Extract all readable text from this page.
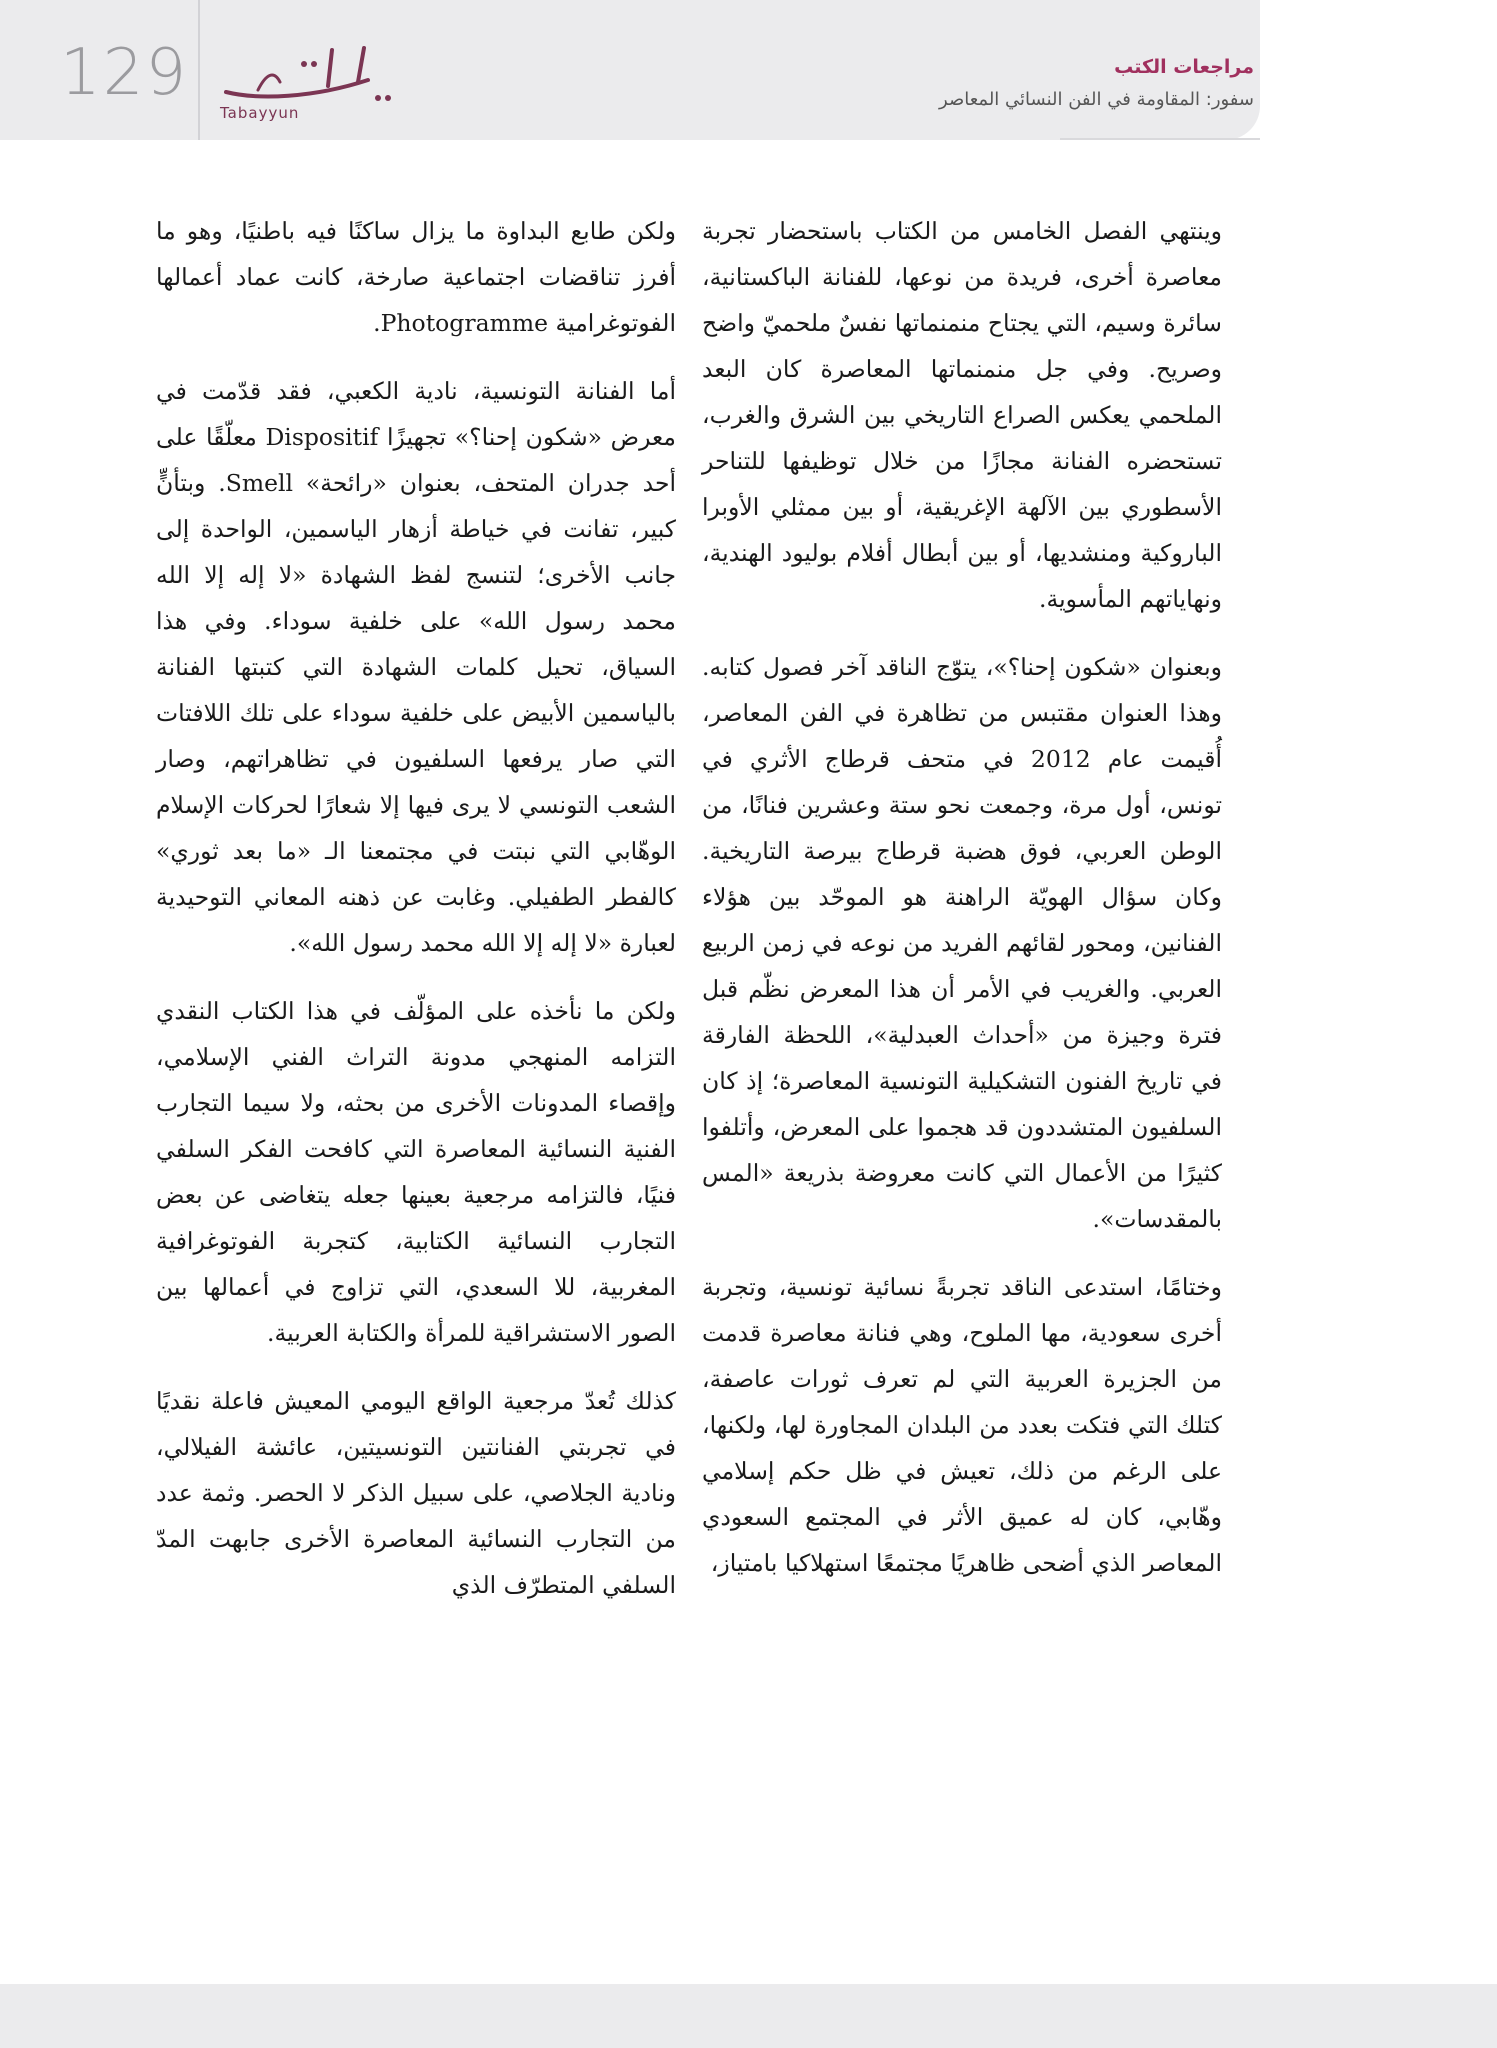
129
Tabayyun
مراجعات الكتب
سفور: المقاومة في الفن النسائي المعاصر

وينتهي الفصل الخامس من الكتاب باستحضار تجربة معاصرة أخرى، فريدة من نوعها، للفنانة الباكستانية، سائرة وسيم، التي يجتاح منمنماتها نفسٌ ملحميّ واضح وصريح. وفي جل منمنماتها المعاصرة كان البعد الملحمي يعكس الصراع التاريخي بين الشرق والغرب، تستحضره الفنانة مجازًا من خلال توظيفها للتناحر الأسطوري بين الآلهة الإغريقية، أو بين ممثلي الأوبرا الباروكية ومنشديها، أو بين أبطال أفلام بوليود الهندية، ونهاياتهم المأسوية.

وبعنوان «شكون إحنا؟»، يتوّج الناقد آخر فصول كتابه. وهذا العنوان مقتبس من تظاهرة في الفن المعاصر، أُقيمت عام 2012 في متحف قرطاج الأثري في تونس، أول مرة، وجمعت نحو ستة وعشرين فنانًا، من الوطن العربي، فوق هضبة قرطاج بيرصة التاريخية. وكان سؤال الهويّة الراهنة هو الموحّد بين هؤلاء الفنانين، ومحور لقائهم الفريد من نوعه في زمن الربيع العربي. والغريب في الأمر أن هذا المعرض نظّم قبل فترة وجيزة من «أحداث العبدلية»، اللحظة الفارقة في تاريخ الفنون التشكيلية التونسية المعاصرة؛ إذ كان السلفيون المتشددون قد هجموا على المعرض، وأتلفوا كثيرًا من الأعمال التي كانت معروضة بذريعة «المس بالمقدسات».

وختامًا، استدعى الناقد تجربةً نسائية تونسية، وتجربة أخرى سعودية، مها الملوح، وهي فنانة معاصرة قدمت من الجزيرة العربية التي لم تعرف ثورات عاصفة، كتلك التي فتكت بعدد من البلدان المجاورة لها، ولكنها، على الرغم من ذلك، تعيش في ظل حكم إسلامي وهّابي، كان له عميق الأثر في المجتمع السعودي المعاصر الذي أضحى ظاهريًا مجتمعًا استهلاكيا بامتياز،

ولكن طابع البداوة ما يزال ساكنًا فيه باطنيًا، وهو ما أفرز تناقضات اجتماعية صارخة، كانت عماد أعمالها الفوتوغرامية Photogramme.

أما الفنانة التونسية، نادية الكعبي، فقد قدّمت في معرض «شكون إحنا؟» تجهيزًا Dispositif معلّقًا على أحد جدران المتحف، بعنوان «رائحة» Smell. وبتأنٍّ كبير، تفانت في خياطة أزهار الياسمين، الواحدة إلى جانب الأخرى؛ لتنسج لفظ الشهادة «لا إله إلا الله محمد رسول الله» على خلفية سوداء. وفي هذا السياق، تحيل كلمات الشهادة التي كتبتها الفنانة بالياسمين الأبيض على خلفية سوداء على تلك اللافتات التي صار يرفعها السلفيون في تظاهراتهم، وصار الشعب التونسي لا يرى فيها إلا شعارًا لحركات الإسلام الوهّابي التي نبتت في مجتمعنا الـ «ما بعد ثوري» كالفطر الطفيلي. وغابت عن ذهنه المعاني التوحيدية لعبارة «لا إله إلا الله محمد رسول الله».

ولكن ما نأخذه على المؤلّف في هذا الكتاب النقدي التزامه المنهجي مدونة التراث الفني الإسلامي، وإقصاء المدونات الأخرى من بحثه، ولا سيما التجارب الفنية النسائية المعاصرة التي كافحت الفكر السلفي فنيًا، فالتزامه مرجعية بعينها جعله يتغاضى عن بعض التجارب النسائية الكتابية، كتجربة الفوتوغرافية المغربية، للا السعدي، التي تزاوج في أعمالها بين الصور الاستشراقية للمرأة والكتابة العربية.

كذلك تُعدّ مرجعية الواقع اليومي المعيش فاعلة نقديًا في تجربتي الفنانتين التونسيتين، عائشة الفيلالي، ونادية الجلاصي، على سبيل الذكر لا الحصر. وثمة عدد من التجارب النسائية المعاصرة الأخرى جابهت المدّ السلفي المتطرّف الذي
